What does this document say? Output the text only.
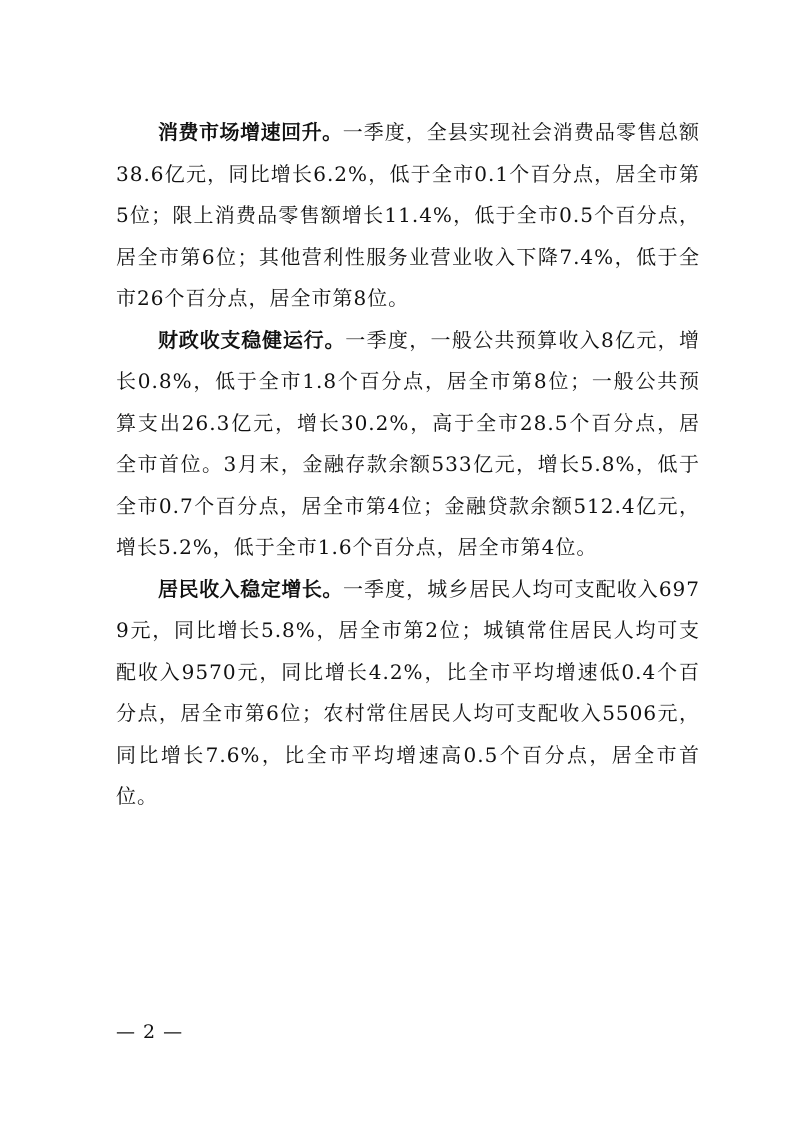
消费市场增速回升。一季度，全县实现社会消费品零售总额38.6亿元，同比增长6.2%，低于全市0.1个百分点，居全市第5位；限上消费品零售额增长11.4%，低于全市0.5个百分点，居全市第6位；其他营利性服务业营业收入下降7.4%，低于全市26个百分点，居全市第8位。

财政收支稳健运行。一季度，一般公共预算收入8亿元，增长0.8%，低于全市1.8个百分点，居全市第8位；一般公共预算支出26.3亿元，增长30.2%，高于全市28.5个百分点，居全市首位。3月末，金融存款余额533亿元，增长5.8%，低于全市0.7个百分点，居全市第4位；金融贷款余额512.4亿元，增长5.2%，低于全市1.6个百分点，居全市第4位。

居民收入稳定增长。一季度，城乡居民人均可支配收入6979元，同比增长5.8%，居全市第2位；城镇常住居民人均可支配收入9570元，同比增长4.2%，比全市平均增速低0.4个百分点，居全市第6位；农村常住居民人均可支配收入5506元，同比增长7.6%，比全市平均增速高0.5个百分点，居全市首位。

— 2 —
